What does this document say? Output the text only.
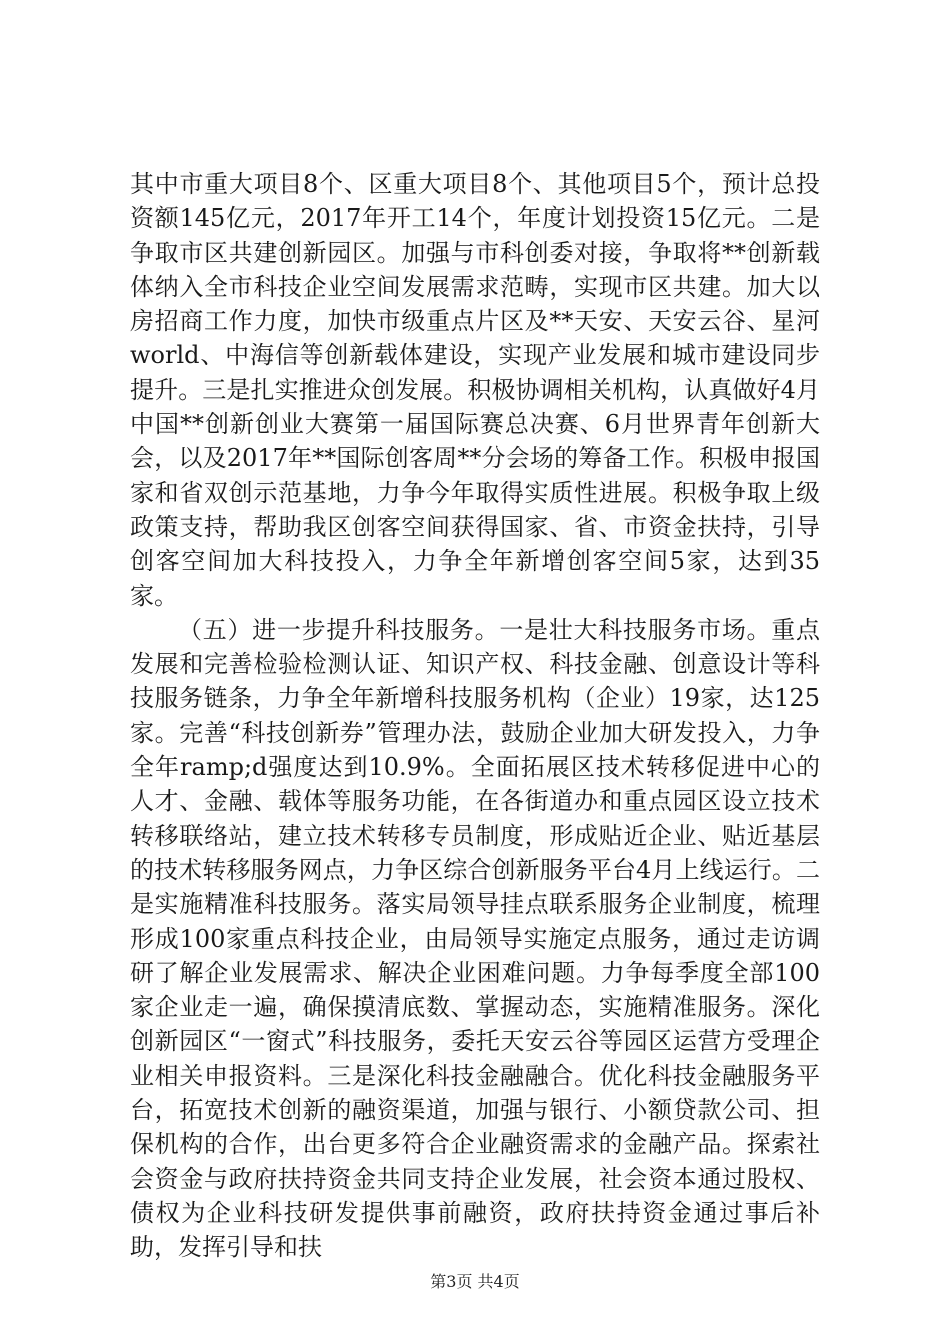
其中市重大项目8个、区重大项目8个、其他项目5个，预计总投资额145亿元，2017年开工14个，年度计划投资15亿元。二是争取市区共建创新园区。加强与市科创委对接，争取将**创新载体纳入全市科技企业空间发展需求范畴，实现市区共建。加大以房招商工作力度，加快市级重点片区及**天安、天安云谷、星河world、中海信等创新载体建设，实现产业发展和城市建设同步提升。三是扎实推进众创发展。积极协调相关机构，认真做好4月中国**创新创业大赛第一届国际赛总决赛、6月世界青年创新大会，以及2017年**国际创客周**分会场的筹备工作。积极申报国家和省双创示范基地，力争今年取得实质性进展。积极争取上级政策支持，帮助我区创客空间获得国家、省、市资金扶持，引导创客空间加大科技投入，力争全年新增创客空间5家，达到35家。

（五）进一步提升科技服务。一是壮大科技服务市场。重点发展和完善检验检测认证、知识产权、科技金融、创意设计等科技服务链条，力争全年新增科技服务机构（企业）19家，达125家。完善“科技创新券”管理办法，鼓励企业加大研发投入，力争全年ramp;d强度达到10.9%。全面拓展区技术转移促进中心的人才、金融、载体等服务功能，在各街道办和重点园区设立技术转移联络站，建立技术转移专员制度，形成贴近企业、贴近基层的技术转移服务网点，力争区综合创新服务平台4月上线运行。二是实施精准科技服务。落实局领导挂点联系服务企业制度，梳理形成100家重点科技企业，由局领导实施定点服务，通过走访调研了解企业发展需求、解决企业困难问题。力争每季度全部100家企业走一遍，确保摸清底数、掌握动态，实施精准服务。深化创新园区“一窗式”科技服务，委托天安云谷等园区运营方受理企业相关申报资料。三是深化科技金融融合。优化科技金融服务平台，拓宽技术创新的融资渠道，加强与银行、小额贷款公司、担保机构的合作，出台更多符合企业融资需求的金融产品。探索社会资金与政府扶持资金共同支持企业发展，社会资本通过股权、债权为企业科技研发提供事前融资，政府扶持资金通过事后补助，发挥引导和扶

第3页 共4页
